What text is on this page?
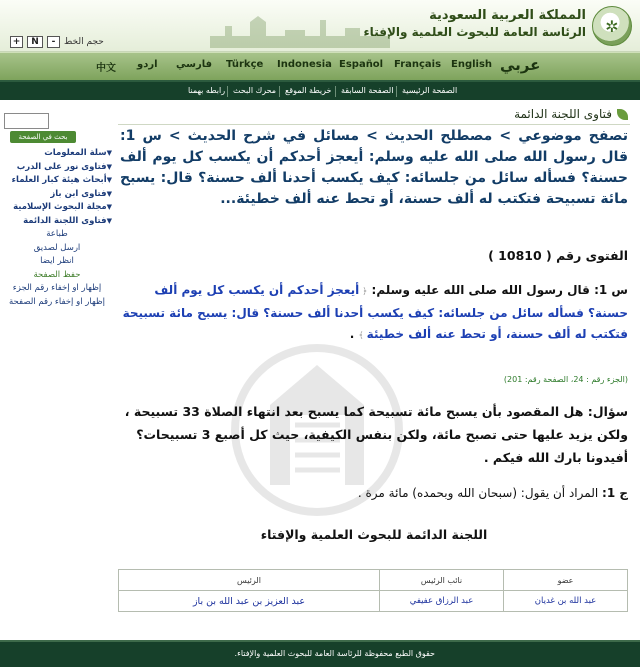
✲
المملكة العربية السعودية
الرئاسة العامة للبحوث العلمية والإفتاء
+	N	- حجم الخط
عربي
English
Français
Español
Indonesia
Türkçe
فارسي
اردو
中文
الصفحة الرئيسية
الصفحة السابقة
خريطة الموقع
محرك البحث
رابطه بهمنا
فتاوى اللجنة الدائمة
تصفح موضوعي > مصطلح الحديث > مسائل في شرح الحديث > س 1: قال رسول الله صلى الله عليه وسلم: أيعجز أحدكم أن يكسب كل يوم ألف حسنة؟ فسأله سائل من جلسائه: كيف يكسب أحدنا ألف حسنة؟ قال: يسبح مائة تسبيحة فتكتب له ألف حسنة، أو تحط عنه ألف خطيئة...
الفتوى رقم ( 10810 )
س 1: قال رسول الله صلى الله عليه وسلم: ﴿ أيعجز أحدكم أن يكسب كل يوم ألف حسنة؟ فسأله سائل من جلسائه: كيف يكسب أحدنا ألف حسنة؟ قال: يسبح مائة تسبيحة فتكتب له ألف حسنة، أو تحط عنه ألف خطيئة ﴾ .
(الجزء رقم : 24، الصفحة رقم: 201)
سؤال: هل المقصود بأن يسبح مائة تسبيحة كما يسبح بعد انتهاء الصلاة 33 تسبيحة ، ولكن يزيد عليها حتى تصبح مائة، ولكن بنفس الكيفية، حيث كل أصبع 3 تسبيحات؟ أفيدونا بارك الله فيكم .
ج 1: المراد أن يقول: (سبحان الله وبحمده) مائة مرة .
اللجنة الدائمة للبحوث العلمية والإفتاء
عضو	نائب الرئيس	الرئيس
عبد الله بن غديان	عبد الرزاق عفيفي	عبد العزيز بن عبد الله بن باز
بحث في الصفحة
▼سلة المعلومات
▼فتاوى نور على الدرب
▼أبحاث هيئة كبار العلماء
▼فتاوى ابن باز
▼مجلة البحوث الإسلامية
▼فتاوى اللجنة الدائمة
طباعة
ارسل لصديق
انظر ايضا
حفظ الصفحة
إظهار او إخفاء رقم الجزء
إظهار او إخفاء رقم الصفحة
حقوق الطبع محفوظة للرئاسة العامة للبحوث العلمية والإفتاء.
